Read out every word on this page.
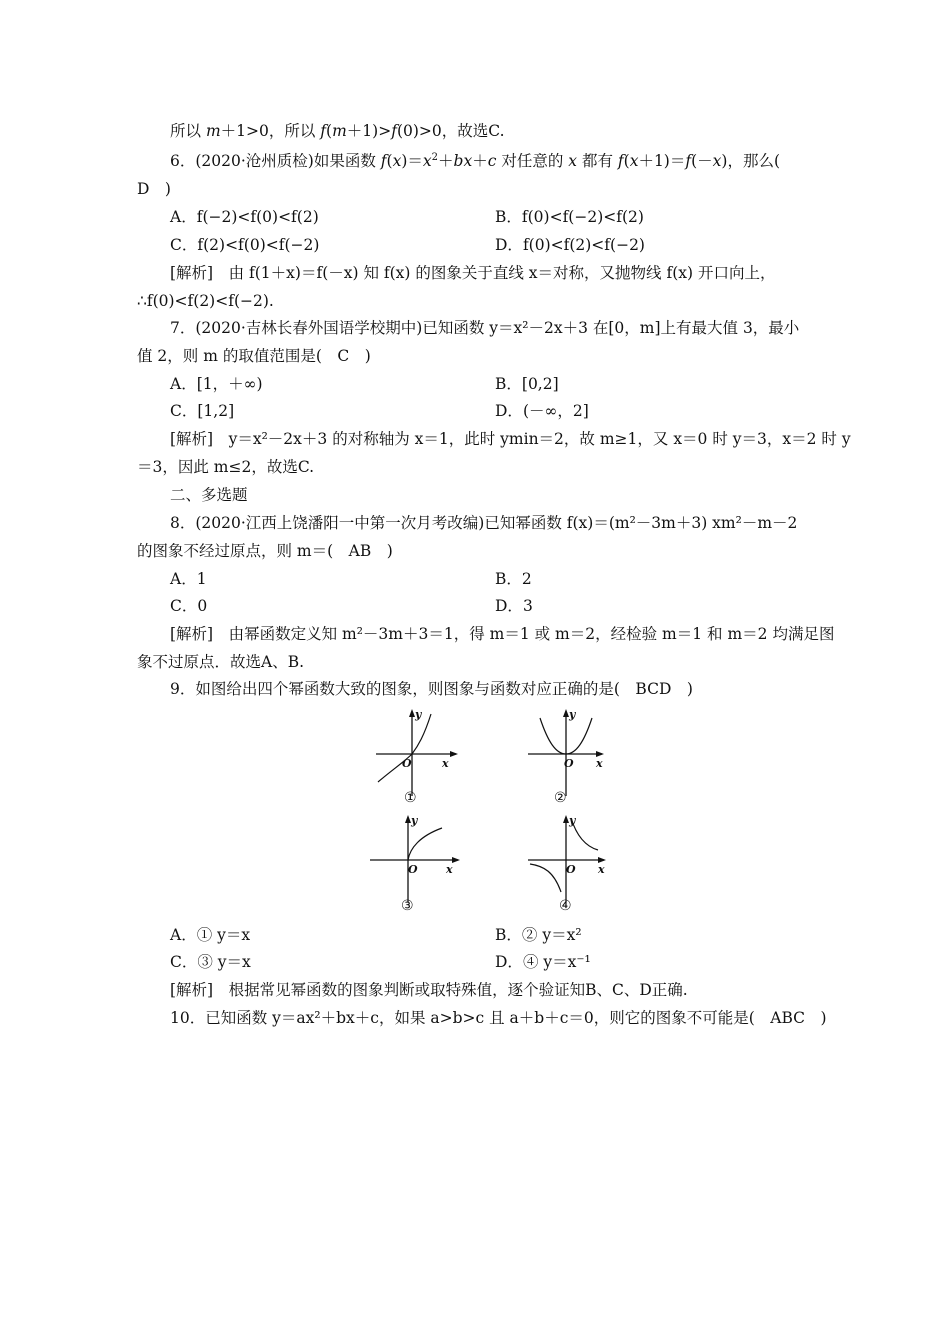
所以 m＋1>0，所以 f(m＋1)>f(0)>0，故选C.
6．(2020·沧州质检)如果函数 $f(x)=x^2+bx+c$ 对任意的 x 都有 f(x＋1)＝f(－x)，那么(
D　)
A．f(−2)<f(0)<f(2)	B．f(0)<f(−2)<f(2)
C．f(2)<f(0)<f(−2)	D．f(0)<f(2)<f(−2)
[解析]　由 f(1＋x)＝f(－x) 知 f(x) 的图象关于直线 x＝对称，又抛物线 f(x) 开口向上，
∴f(0)<f(2)<f(−2).
7．(2020·吉林长春外国语学校期中)已知函数 y＝x²－2x＋3 在[0，m]上有最大值 3，最小
值 2，则 m 的取值范围是(　C　)
A．[1，＋∞)	B．[0,2]
C．[1,2]	D．(－∞，2]
[解析]　y＝x²－2x＋3 的对称轴为 x＝1，此时 ymin＝2，故 m≥1，又 x＝0 时 y＝3，x＝2 时 y
＝3，因此 m≤2，故选C.
二、多选题
8．(2020·江西上饶潘阳一中第一次月考改编)已知幂函数 f(x)＝(m²－3m＋3) xm²－m－2
的图象不经过原点，则 m＝(　AB　)
A．1	B．2
C．0	D．3
[解析]　由幂函数定义知 m²－3m＋3＝1，得 m＝1 或 m＝2，经检验 m＝1 和 m＝2 均满足图
象不过原点．故选A、B.
9．如图给出四个幂函数大致的图象，则图象与函数对应正确的是(　BCD　)
y
O	x
①
y
O x
②
y
O	x
③
y
O x
④
A．① y＝x	B．② y＝x²
C．③ y＝x	D．④ y＝x⁻¹
[解析]　根据常见幂函数的图象判断或取特殊值，逐个验证知B、C、D正确.
10．已知函数 y＝ax²＋bx＋c，如果 a>b>c 且 a＋b＋c＝0，则它的图象不可能是(　ABC　)
